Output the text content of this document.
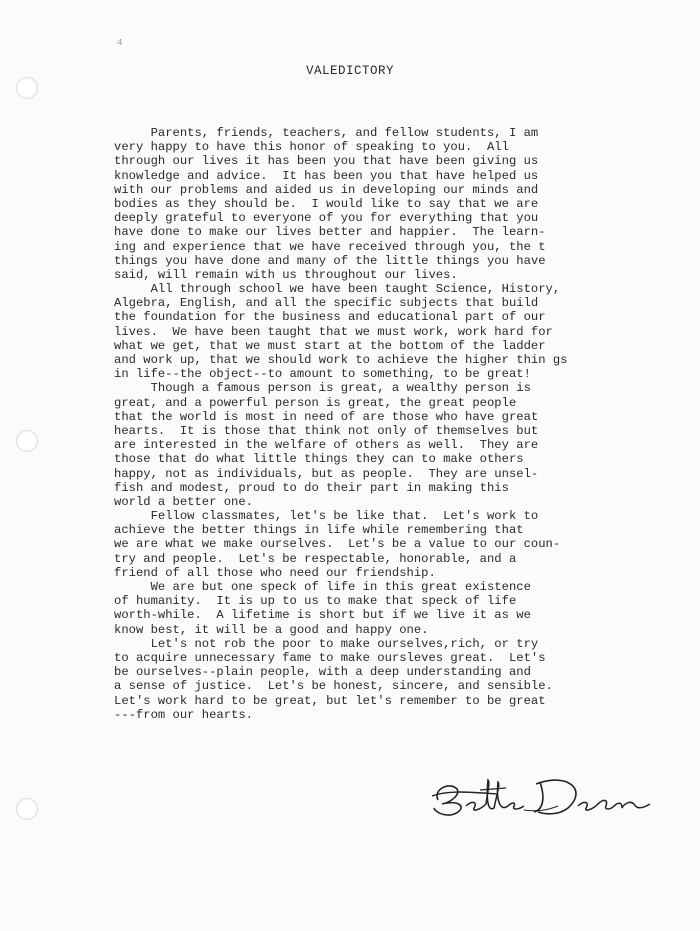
4
VALEDICTORY
Parents, friends, teachers, and fellow students, I am
very happy to have this honor of speaking to you.  All
through our lives it has been you that have been giving us
knowledge and advice.  It has been you that have helped us
with our problems and aided us in developing our minds and
bodies as they should be.  I would like to say that we are
deeply grateful to everyone of you for everything that you
have done to make our lives better and happier.  The learn-
ing and experience that we have received through you, the t
things you have done and many of the little things you have
said, will remain with us throughout our lives.
All through school we have been taught Science, History,
Algebra, English, and all the specific subjects that build
the foundation for the business and educational part of our
lives.  We have been taught that we must work, work hard for
what we get, that we must start at the bottom of the ladder
and work up, that we should work to achieve the higher thin gs
in life--the object--to amount to something, to be great!
Though a famous person is great, a wealthy person is
great, and a powerful person is great, the great people
that the world is most in need of are those who have great
hearts.  It is those that think not only of themselves but
are interested in the welfare of others as well.  They are
those that do what little things they can to make others
happy, not as individuals, but as people.  They are unsel-
fish and modest, proud to do their part in making this
world a better one.
Fellow classmates, let's be like that.  Let's work to
achieve the better things in life while remembering that
we are what we make ourselves.  Let's be a value to our coun-
try and people.  Let's be respectable, honorable, and a
friend of all those who need our friendship.
We are but one speck of life in this great existence
of humanity.  It is up to us to make that speck of life
worth-while.  A lifetime is short but if we live it as we
know best, it will be a good and happy one.
Let's not rob the poor to make ourselves,rich, or try
to acquire unnecessary fame to make oursleves great.  Let's
be ourselves--plain people, with a deep understanding and
a sense of justice.  Let's be honest, sincere, and sensible.
Let's work hard to be great, but let's remember to be great
---from our hearts.
